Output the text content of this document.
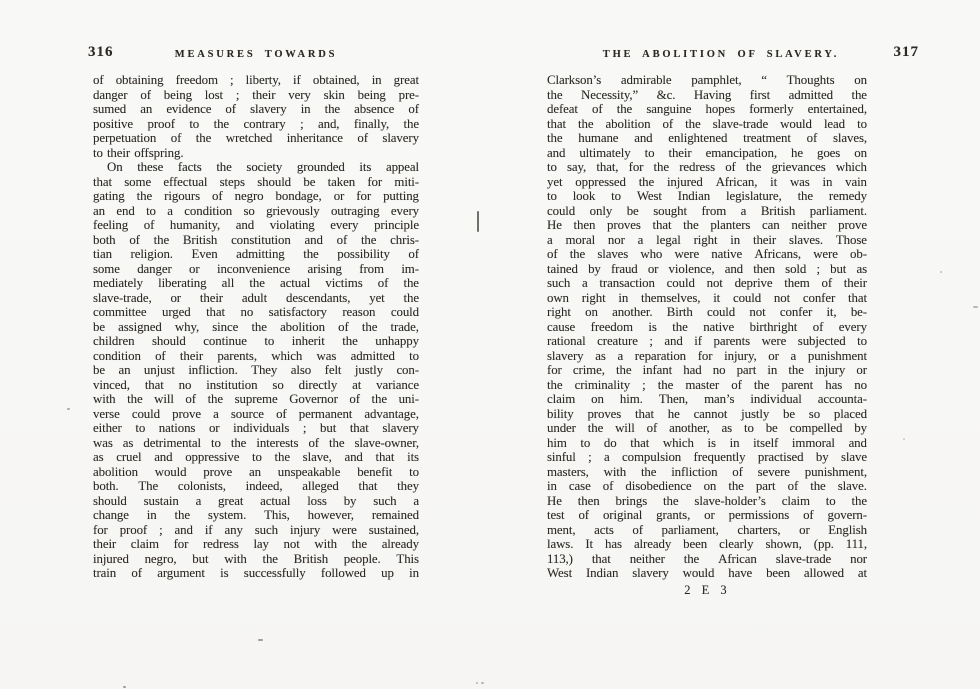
316	MEASURES TOWARDS
of obtaining freedom ; liberty, if obtained, in great
danger of being lost ; their very skin being pre-
sumed an evidence of slavery in the absence of
positive proof to the contrary ; and, finally, the
perpetuation of the wretched inheritance of slavery
to their offspring.
On these facts the society grounded its appeal
that some effectual steps should be taken for miti-
gating the rigours of negro bondage, or for putting
an end to a condition so grievously outraging every
feeling of humanity, and violating every principle
both of the British constitution and of the chris-
tian religion. Even admitting the possibility of
some danger or inconvenience arising from im-
mediately liberating all the actual victims of the
slave-trade, or their adult descendants, yet the
committee urged that no satisfactory reason could
be assigned why, since the abolition of the trade,
children should continue to inherit the unhappy
condition of their parents, which was admitted to
be an unjust infliction. They also felt justly con-
vinced, that no institution so directly at variance
with the will of the supreme Governor of the uni-
verse could prove a source of permanent advantage,
either to nations or individuals ; but that slavery
was as detrimental to the interests of the slave-owner,
as cruel and oppressive to the slave, and that its
abolition would prove an unspeakable benefit to
both. The colonists, indeed, alleged that they
should sustain a great actual loss by such a
change in the system. This, however, remained
for proof ; and if any such injury were sustained,
their claim for redress lay not with the already
injured negro, but with the British people. This
train of argument is successfully followed up in
THE ABOLITION OF SLAVERY.	317
Clarkson’s admirable pamphlet, “ Thoughts on
the Necessity,” &c. Having first admitted the
defeat of the sanguine hopes formerly entertained,
that the abolition of the slave-trade would lead to
the humane and enlightened treatment of slaves,
and ultimately to their emancipation, he goes on
to say, that, for the redress of the grievances which
yet oppressed the injured African, it was in vain
to look to West Indian legislature, the remedy
could only be sought from a British parliament.
He then proves that the planters can neither prove
a moral nor a legal right in their slaves. Those
of the slaves who were native Africans, were ob-
tained by fraud or violence, and then sold ; but as
such a transaction could not deprive them of their
own right in themselves, it could not confer that
right on another. Birth could not confer it, be-
cause freedom is the native birthright of every
rational creature ; and if parents were subjected to
slavery as a reparation for injury, or a punishment
for crime, the infant had no part in the injury or
the criminality ; the master of the parent has no
claim on him. Then, man’s individual accounta-
bility proves that he cannot justly be so placed
under the will of another, as to be compelled by
him to do that which is in itself immoral and
sinful ; a compulsion frequently practised by slave
masters, with the infliction of severe punishment,
in case of disobedience on the part of the slave.
He then brings the slave-holder’s claim to the
test of original grants, or permissions of govern-
ment, acts of parliament, charters, or English
laws. It has already been clearly shown, (pp. 111,
113,) that neither the African slave-trade nor
West Indian slavery would have been allowed at
2 E 3
